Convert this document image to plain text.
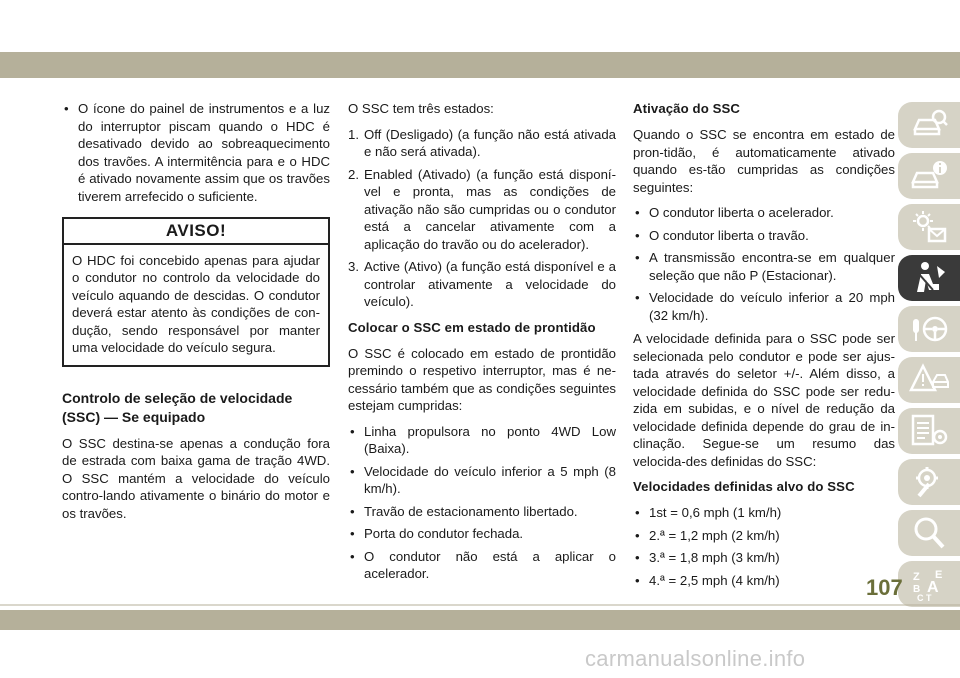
• O ícone do painel de instrumentos e a luz do interruptor piscam quando o HDC é desativado devido ao sobreaquecimento dos travões. A intermitência para e o HDC é ativado novamente assim que os travões tiverem arrefecido o suficiente.
AVISO!
O HDC foi concebido apenas para ajudar o condutor no controlo da velocidade do veículo aquando de descidas. O condutor deverá estar atento às condições de con-dução, sendo responsável por manter uma velocidade do veículo segura.
Controlo de seleção de velocidade (SSC) — Se equipado

O SSC destina-se apenas a condução fora de estrada com baixa gama de tração 4WD. O SSC mantém a velocidade do veículo contro-lando ativamente o binário do motor e os travões.

O SSC tem três estados:

1. Off (Desligado) (a função não está ativada e não será ativada).
2. Enabled (Ativado) (a função está disponí-vel e pronta, mas as condições de ativação não são cumpridas ou o condutor está a cancelar ativamente com a aplicação do travão ou do acelerador).
3. Active (Ativo) (a função está disponível e a controlar ativamente a velocidade do veículo).
Colocar o SSC em estado de prontidão

O SSC é colocado em estado de prontidão premindo o respetivo interruptor, mas é ne-cessário também que as condições seguintes estejam cumpridas:

• Linha propulsora no ponto 4WD Low (Baixa).
• Velocidade do veículo inferior a 5 mph (8 km/h).
• Travão de estacionamento libertado.
• Porta do condutor fechada.
• O condutor não está a aplicar o acelerador.
Ativação do SSC

Quando o SSC se encontra em estado de pron-tidão, é automaticamente ativado quando es-tão cumpridas as condições seguintes:

• O condutor liberta o acelerador.
• O condutor liberta o travão.
• A transmissão encontra-se em qualquer seleção que não P (Estacionar).
• Velocidade do veículo inferior a 20 mph (32 km/h).

A velocidade definida para o SSC pode ser selecionada pelo condutor e pode ser ajus-tada através do seletor +/-. Além disso, a velocidade definida do SSC pode ser redu-zida em subidas, e o nível de redução da velocidade definida depende do grau de in-clinação. Segue-se um resumo das velocida-des definidas do SSC:

Velocidades definidas alvo do SSC
• 1st = 0,6 mph (1 km/h)
• 2.ª = 1,2 mph (2 km/h)
• 3.ª = 1,8 mph (3 km/h)
• 4.ª = 2,5 mph (4 km/h)	Z E
B A
C T
107
carmanualsonline.info
